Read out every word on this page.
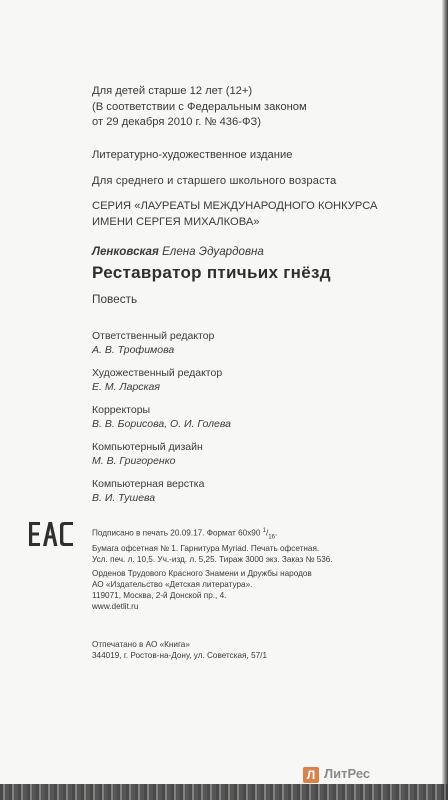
Для детей старше 12 лет (12+)
(В соответствии с Федеральным законом
от 29 декабря 2010 г. № 436-ФЗ)
Литературно-художественное издание
Для среднего и старшего школьного возраста
СЕРИЯ «ЛАУРЕАТЫ МЕЖДУНАРОДНОГО КОНКУРСА
ИМЕНИ СЕРГЕЯ МИХАЛКОВА»
Ленковская Елена Эдуардовна
Реставратор птичьих гнёзд
Повесть
Ответственный редактор
А. В. Трофимова
Художественный редактор
Е. М. Ларская
Корректоры
В. В. Борисова, О. И. Голева
Компьютерный дизайн
М. В. Григоренко
Компьютерная верстка
В. И. Тушева
Подписано в печать 20.09.17. Формат 60x90 $^1/_{16}$.
Бумага офсетная № 1. Гарнитура Myriad. Печать офсетная.
Усл. печ. л. 10,5. Уч.-изд. л. 5,25. Тираж 3000 экз. Заказ № 536.
Орденов Трудового Красного Знамени и Дружбы народов
АО «Издательство «Детская литература».
119071, Москва, 2-й Донской пр., 4.
www.detlit.ru
Отпечатано в АО «Книга»
344019, г. Ростов-на-Дону, ул. Советская, 57/1
Л ЛитРес
